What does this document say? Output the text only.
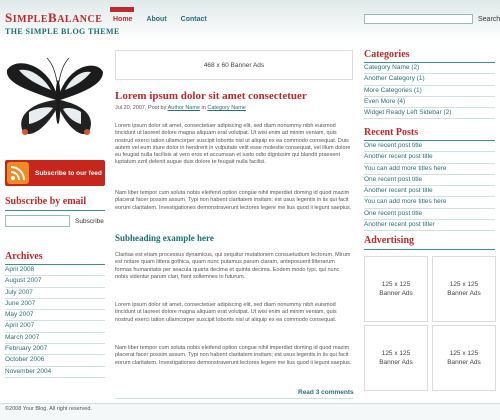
SIMPLEBALANCE
THE SIMPLE BLOG THEME
Home About Contact	Search
Subscribe to our feed
Subscribe by email
Subscribe
Archives
April 2008
August 2007
July 2007
June 2007
May 2007
April 2007
March 2007
February 2007
October 2006
November 2004
468 x 60 Banner Ads
Lorem ipsum dolor sit amet consectetuer
Jul 20, 2007, Post by Author Name in Category Name
Lorem ipsum dolor sit amet, consectetuer adipiscing elit, sed diam nonummy nibh euismod tincidunt ut laoreet dolore magna aliquam erat volutpat. Ut wisi enim ad minim veniam, quis nostrud exerci tation ullamcorper suscipit lobortis nisl ut aliquip ex ea commodo consequat. Duis autem vel eum iriure dolor in hendrerit in vulputate velit esse molestie consequat, vel illum dolore eu feugiat nulla facilisis at vero eros et accumsan et iusto odio dignissim qui blandit praesent luptatum zzril delenit augue duis dolore te feugait nulla facilisi.
Nam liber tempor cum soluta nobis eleifend option congue nihil imperdiet doming id quod mazim placerat facer possim assum. Typi non habent claritatem insitam; est usus legentis in iis qui facit eorum claritatem. Investigationes demonstraverunt lectores legere me lius quod ii legunt saepius.
Subheading example here
Claritas est etiam processus dynamicus, qui sequitur mutationem consuetudium lectorum. Mirum est notare quam littera gothica, quam nunc putamus parum claram, anteposuerit litterarum formas humanitatis per seacula quarta decima et quinta decima. Eodem modo typi, qui nunc nobis videntur parum clari, fiant sollemnes in futurum.
Lorem ipsum dolor sit amet, consectetuer adipiscing elit, sed diam nonummy nibh euismod tincidunt ut laoreet dolore magna aliquam erat volutpat. Ut wisi enim ad minim veniam, quis nostrud exerci tation ullamcorper suscipit lobortis nisl ut aliquip ex ea commodo consequat.
Nam liber tempor cum soluta nobis eleifend option congue nihil imperdiet doming id quod mazim placerat facer possim assum. Typi non habent claritatem insitam; est usus legentis in iis qui facit eorum claritatem. Investigationes demonstraverunt lectores legere me lius quod ii legunt saepius.
Read 3 comments
Categories
Category Name (2)
Another Category (1)
More Categories (1)
Even More (4)
Widget Ready Left Sidebar (2)
Recent Posts
One recent post title
Another recent post title
You can add more titles here
One recent post title
Another recent post title
You can add more titles here
One recent post title
Another recent post titler
Advertising
125 x 125
Banner Ads
125 x 125
Banner Ads
125 x 125
Banner Ads
125 x 125
Banner Ads
©2008 Your Blog. All right reserved.
